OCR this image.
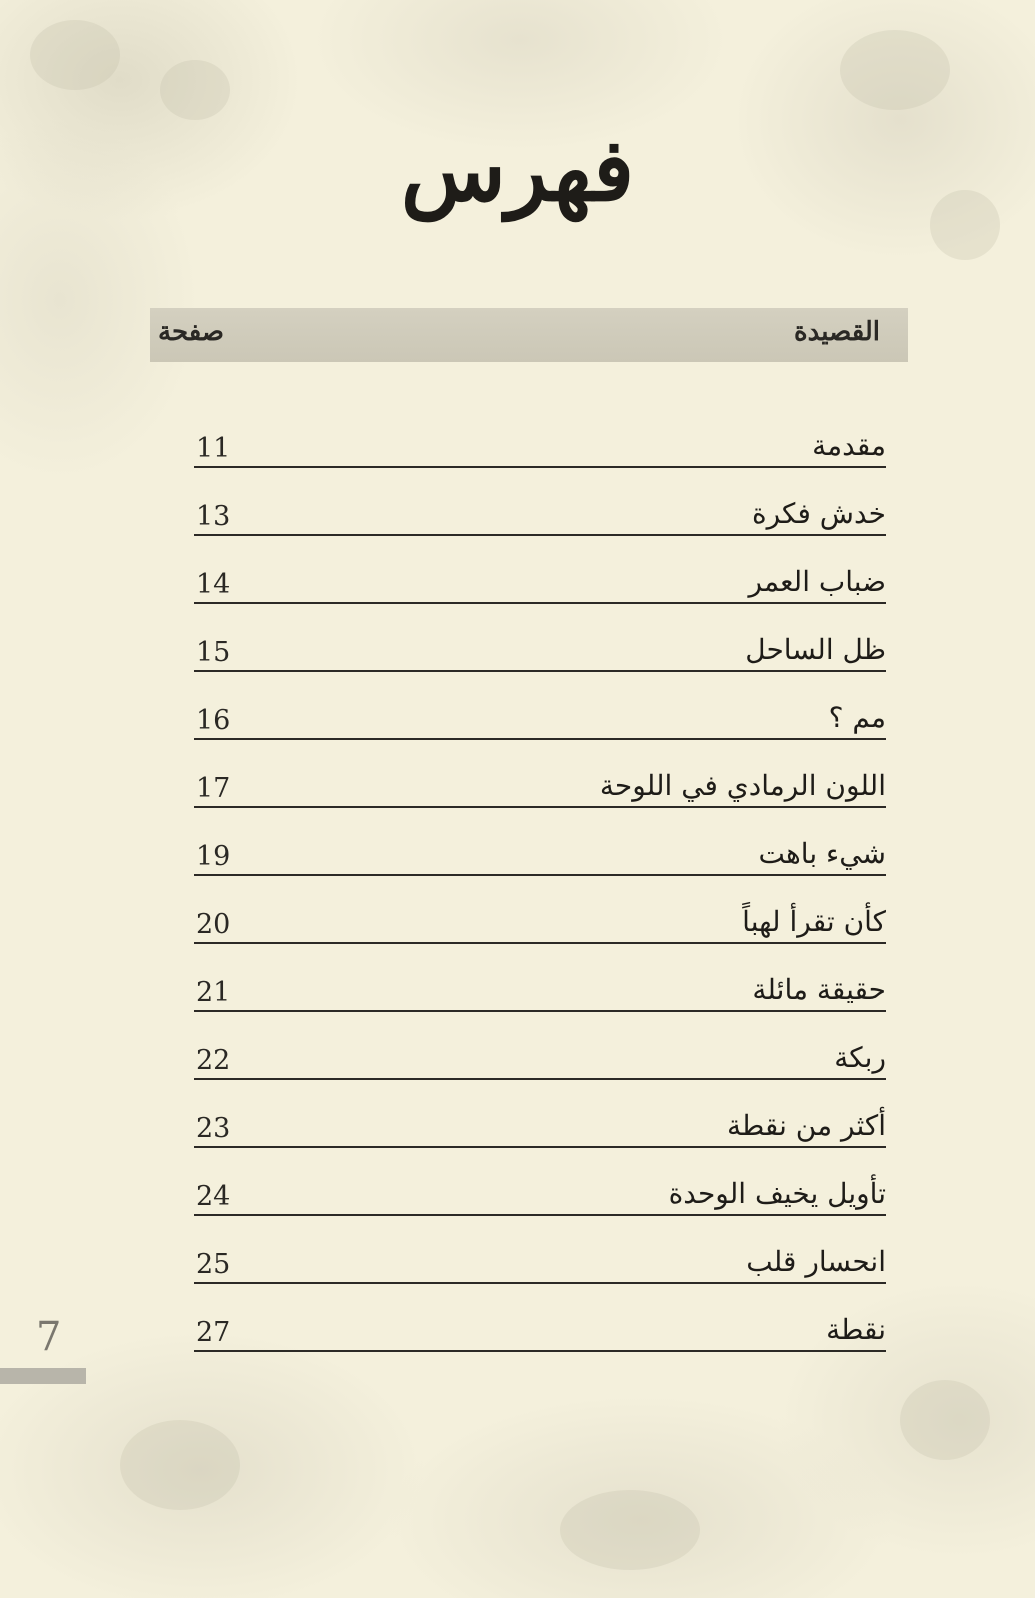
فهرس
القصيدة
صفحة
مقدمة
11
خدش فكرة
13
ضباب العمر
14
ظل الساحل
15
مم ؟
16
اللون الرمادي في اللوحة
17
شيء باهت
19
كأن تقرأ لهباً
20
حقيقة مائلة
21
ربكة
22
أكثر من نقطة
23
تأويل يخيف الوحدة
24
انحسار قلب
25
نقطة
27
7
